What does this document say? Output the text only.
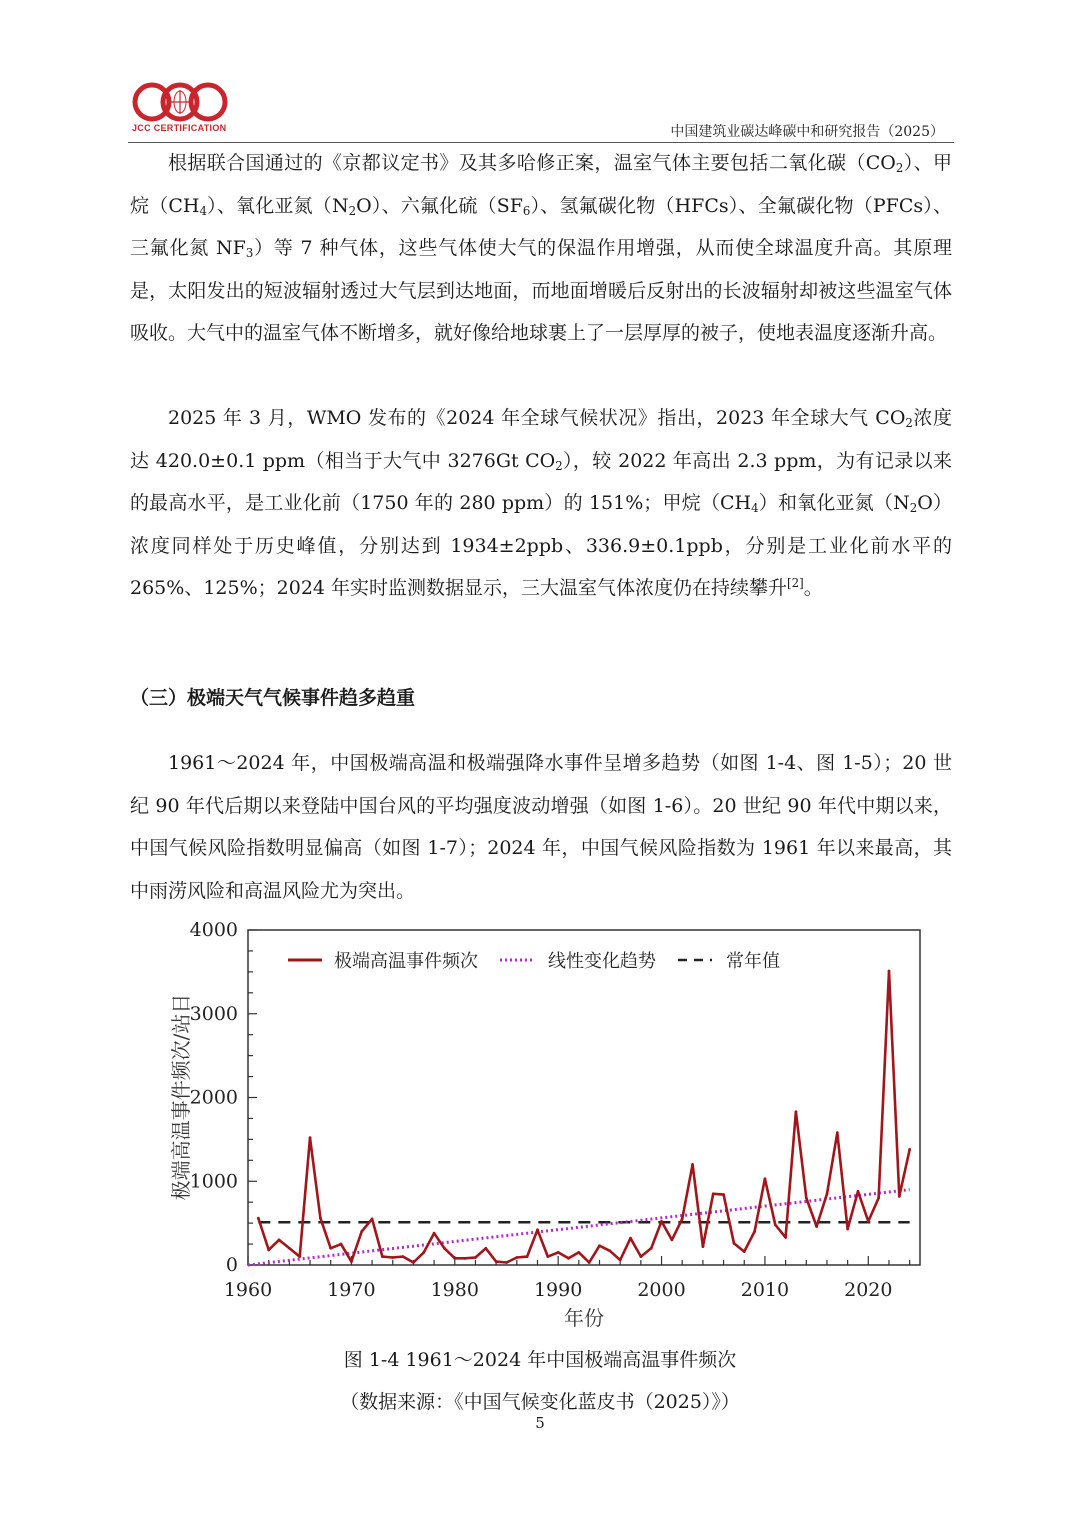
JCC CERTIFICATION	中国建筑业碳达峰碳中和研究报告（2025）

根据联合国通过的《京都议定书》及其多哈修正案，温室气体主要包括二氧化碳$(CO_2)$、甲烷$(CH_4)$、氧化亚氮$(N_2O)$、六氟化硫$(SF_6)$、氢氟碳化物（HFCs）、全氟碳化物（PFCs）、三氟化氮 $NF_3$）等 7 种气体，这些气体使大气的保温作用增强，从而使全球温度升高。其原理是，太阳发出的短波辐射透过大气层到达地面，而地面增暖后反射出的长波辐射却被这些温室气体吸收。大气中的温室气体不断增多，就好像给地球裹上了一层厚厚的被子，使地表温度逐渐升高。

2025 年 3 月，WMO 发布的《2024 年全球气候状况》指出，2023 年全球大气 $CO_2$浓度达 420.0±0.1 ppm（相当于大气中 3276Gt $CO_2$），较 2022 年高出 2.3 ppm，为有记录以来的最高水平，是工业化前（1750 年的 280 ppm）的 151%；甲烷$(CH_4)$和氧化亚氮$(N_2O)$浓度同样处于历史峰值，分别达到 1934±2ppb、336.9±0.1ppb，分别是工业化前水平的 265%、125%；2024 年实时监测数据显示，三大温室气体浓度仍在持续攀升[2]。

（三）极端天气气候事件趋多趋重

1961～2024 年，中国极端高温和极端强降水事件呈增多趋势（如图 1-4、图 1-5）；20 世纪 90 年代后期以来登陆中国台风的平均强度波动增强（如图 1-6）。20 世纪 90 年代中期以来，中国气候风险指数明显偏高（如图 1-7）；2024 年，中国气候风险指数为 1961 年以来最高，其中雨涝风险和高温风险尤为突出。

0
1000
2000
3000
4000
1960	1970	1980	1990	2000	2010	2020
极端高温事件频次	线性变化趋势	常年值
极端高温事件频次/站日
年份

图 1-4 1961～2024 年中国极端高温事件频次

（数据来源：《中国气候变化蓝皮书（2025）》）

5
